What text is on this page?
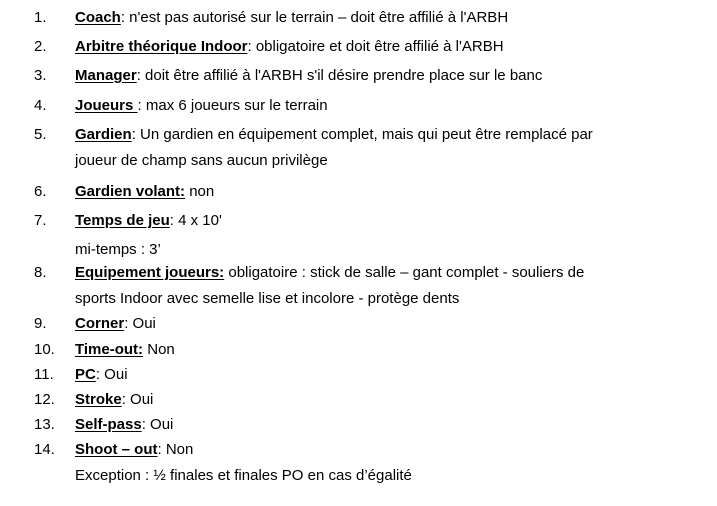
1. Coach: n'est pas autorisé sur le terrain – doit être affilié à l'ARBH
2. Arbitre théorique Indoor: obligatoire et doit être affilié à l'ARBH
3. Manager: doit être affilié à l'ARBH s'il désire prendre place sur le banc
4. Joueurs : max 6 joueurs sur le terrain
5. Gardien: Un gardien en équipement complet, mais qui peut être remplacé par
joueur de champ sans aucun privilège
6. Gardien volant: non
7. Temps de jeu: 4 x 10'
mi-temps : 3’
8. Equipement joueurs: obligatoire : stick de salle – gant complet - souliers de
sports Indoor avec semelle lise et incolore - protège dents
9. Corner: Oui
10. Time-out: Non
11. PC: Oui
12. Stroke: Oui
13. Self-pass: Oui
14. Shoot – out: Non
Exception : ½ finales et finales PO en cas d’égalité
